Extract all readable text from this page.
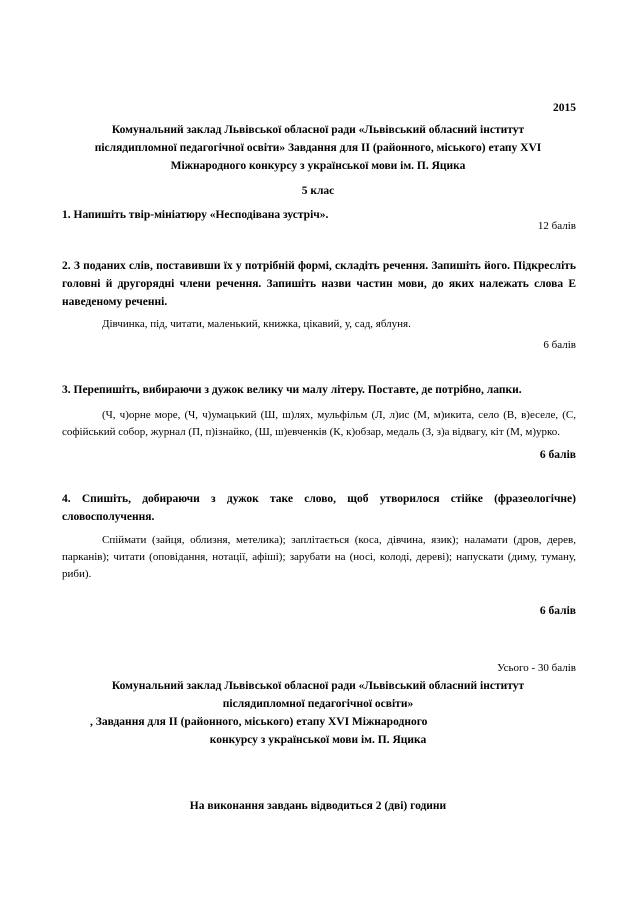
2015
Комунальний заклад Львівської обласної ради «Львівський обласний інститут
післядипломної педагогічної освіти» Завдання для II (районного, міського) етапу XVI
Міжнародного конкурсу з української мови ім. П. Яцика
5 клас
1. Напишіть твір-мініатюру «Несподівана зустріч».
12 балів
2. З поданих слів, поставивши їх у потрібній формі, складіть речення. Запишіть його. Підкресліть головні й другорядні члени речення. Запишіть назви частин мови, до яких належать слова Е наведеному реченні.
Дівчинка, під, читати, маленький, книжка, цікавий, у, сад, яблуня.
6 балів
3. Перепишіть, вибираючи з дужок велику чи малу літеру. Поставте, де потрібно, лапки.
(Ч, ч)орне море, (Ч, ч)умацький (Ш, ш)лях, мульфільм (Л, л)ис (М, м)икита, село (В, в)еселе, (С, софійський собор, журнал (П, п)ізнайко, (Ш, ш)евченків (К, к)обзар, медаль (З, з)а відвагу, кіт (М, м)урко.
6 балів
4. Спишіть, добираючи з дужок таке слово, щоб утворилося стійке (фразеологічне) словосполучення.
Спіймати (зайця, облизня, метелика); заплітається (коса, дівчина, язик); наламати (дров, дерев, парканів); читати (оповідання, нотації, афіші); зарубати на (носі, колоді, дереві); напускати (диму, туману, риби).
6 балів
Усього - 30 балів
Комунальний заклад Львівської обласної ради «Львівський обласний інститут
післядипломної педагогічної освіти»
, Завдання для II (районного, міського) етапу XVI Міжнародного
конкурсу з української мови ім. П. Яцика
На виконання завдань відводиться 2 (дві) години
